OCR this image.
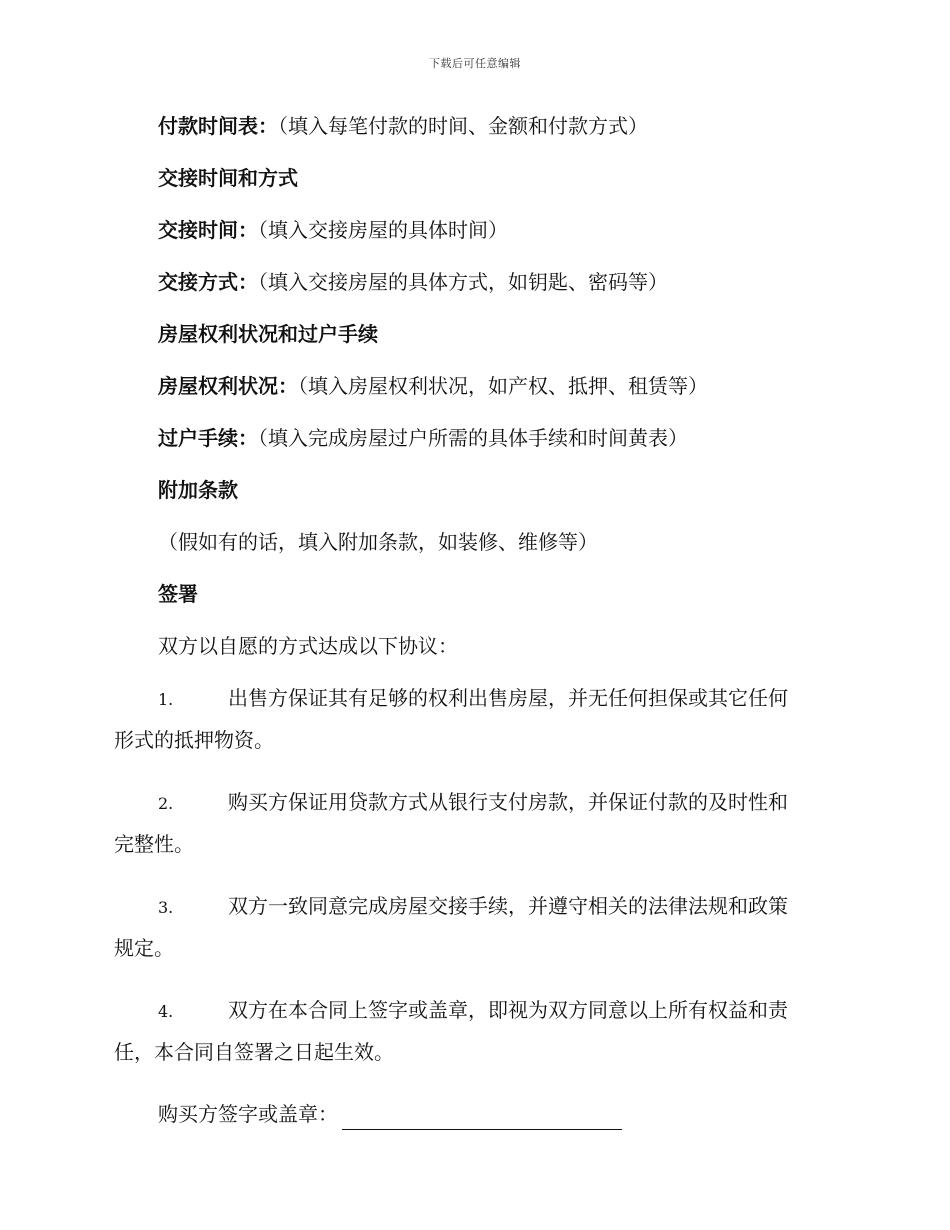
下载后可任意编辑

付款时间表：（填入每笔付款的时间、金额和付款方式）

交接时间和方式

交接时间：（填入交接房屋的具体时间）

交接方式：（填入交接房屋的具体方式，如钥匙、密码等）

房屋权利状况和过户手续

房屋权利状况：（填入房屋权利状况，如产权、抵押、租赁等）

过户手续：（填入完成房屋过户所需的具体手续和时间黄表）

附加条款

（假如有的话，填入附加条款，如装修、维修等）

签署

双方以自愿的方式达成以下协议：

1.	出售方保证其有足够的权利出售房屋，并无任何担保或其它任何

形式的抵押物资。

2.	购买方保证用贷款方式从银行支付房款，并保证付款的及时性和

完整性。

3.	双方一致同意完成房屋交接手续，并遵守相关的法律法规和政策

规定。

4.	双方在本合同上签字或盖章，即视为双方同意以上所有权益和责

任，本合同自签署之日起生效。

购买方签字或盖章：
